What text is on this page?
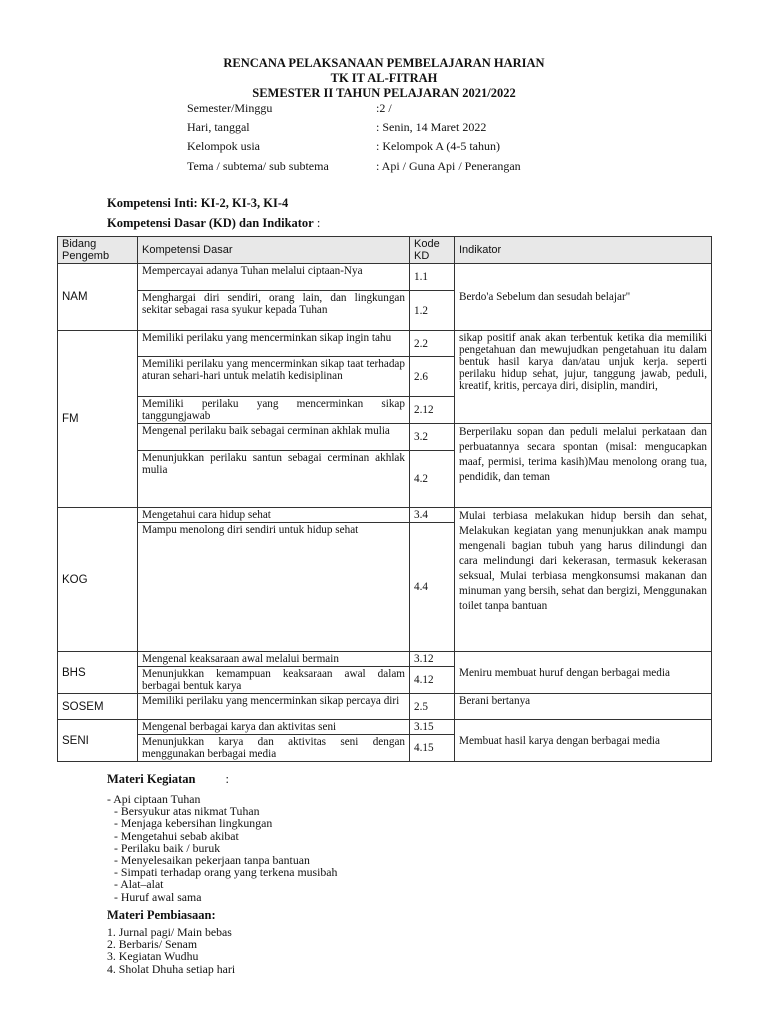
RENCANA PELAKSANAAN PEMBELAJARAN HARIAN
TK IT AL-FITRAH
SEMESTER II TAHUN PELAJARAN 2021/2022
Semester/Minggu	:2 /
Hari, tanggal	: Senin, 14 Maret 2022
Kelompok usia	: Kelompok A (4-5 tahun)
Tema / subtema/ sub subtema	: Api / Guna Api / Penerangan
Kompetensi Inti: KI-2, KI-3, KI-4
Kompetensi Dasar (KD) dan Indikator :
Bidang Pengemb	Kompetensi Dasar	Kode KD	Indikator
NAM	Mempercayai adanya Tuhan melalui ciptaan-Nya	1.1	Berdo'a Sebelum dan sesudah belajar"
	Menghargai diri sendiri, orang lain, dan lingkungan sekitar sebagai rasa syukur kepada Tuhan	1.2	
FM	Memiliki perilaku yang mencerminkan sikap ingin tahu	2.2	sikap positif anak akan terbentuk ketika dia memiliki pengetahuan dan mewujudkan pengetahuan itu dalam bentuk hasil karya dan/atau unjuk kerja. seperti perilaku hidup sehat, jujur, tanggung jawab, peduli, kreatif, kritis, percaya diri, disiplin, mandiri,
	Memiliki perilaku yang mencerminkan sikap taat terhadap aturan sehari-hari untuk melatih kedisiplinan	2.6	
	Memiliki perilaku yang mencerminkan sikap tanggungjawab	2.12	
	Mengenal perilaku baik sebagai cerminan akhlak mulia	3.2	Berperilaku sopan dan peduli melalui perkataan dan perbuatannya secara spontan (misal: mengucapkan maaf, permisi, terima kasih)Mau menolong orang tua, pendidik, dan teman
	Menunjukkan perilaku santun sebagai cerminan akhlak mulia	4.2	
KOG	Mengetahui cara hidup sehat	3.4	Mulai terbiasa melakukan hidup bersih dan sehat, Melakukan kegiatan yang menunjukkan anak mampu mengenali bagian tubuh yang harus dilindungi dan cara melindungi dari kekerasan, termasuk kekerasan seksual, Mulai terbiasa mengkonsumsi makanan dan minuman yang bersih, sehat dan bergizi, Menggunakan toilet tanpa bantuan
	Mampu menolong diri sendiri untuk hidup sehat	4.4	
BHS	Mengenal keaksaraan awal melalui bermain	3.12	Meniru membuat huruf dengan berbagai media
	Menunjukkan kemampuan keaksaraan awal dalam berbagai bentuk karya	4.12	
SOSEM	Memiliki perilaku yang mencerminkan sikap percaya diri	2.5	Berani bertanya
SENI	Mengenal berbagai karya dan aktivitas seni	3.15	Membuat hasil karya dengan berbagai media
	Menunjukkan karya dan aktivitas seni dengan menggunakan berbagai media	4.15	
Materi Kegiatan :
- Api ciptaan Tuhan
- Bersyukur atas nikmat Tuhan
- Menjaga kebersihan lingkungan
- Mengetahui sebab akibat
- Perilaku baik / buruk
- Menyelesaikan pekerjaan tanpa bantuan
- Simpati terhadap orang yang terkena musibah
- Alat–alat
- Huruf awal sama
Materi Pembiasaan:
1. Jurnal pagi/ Main bebas
2. Berbaris/ Senam
3. Kegiatan Wudhu
4. Sholat Dhuha setiap hari
